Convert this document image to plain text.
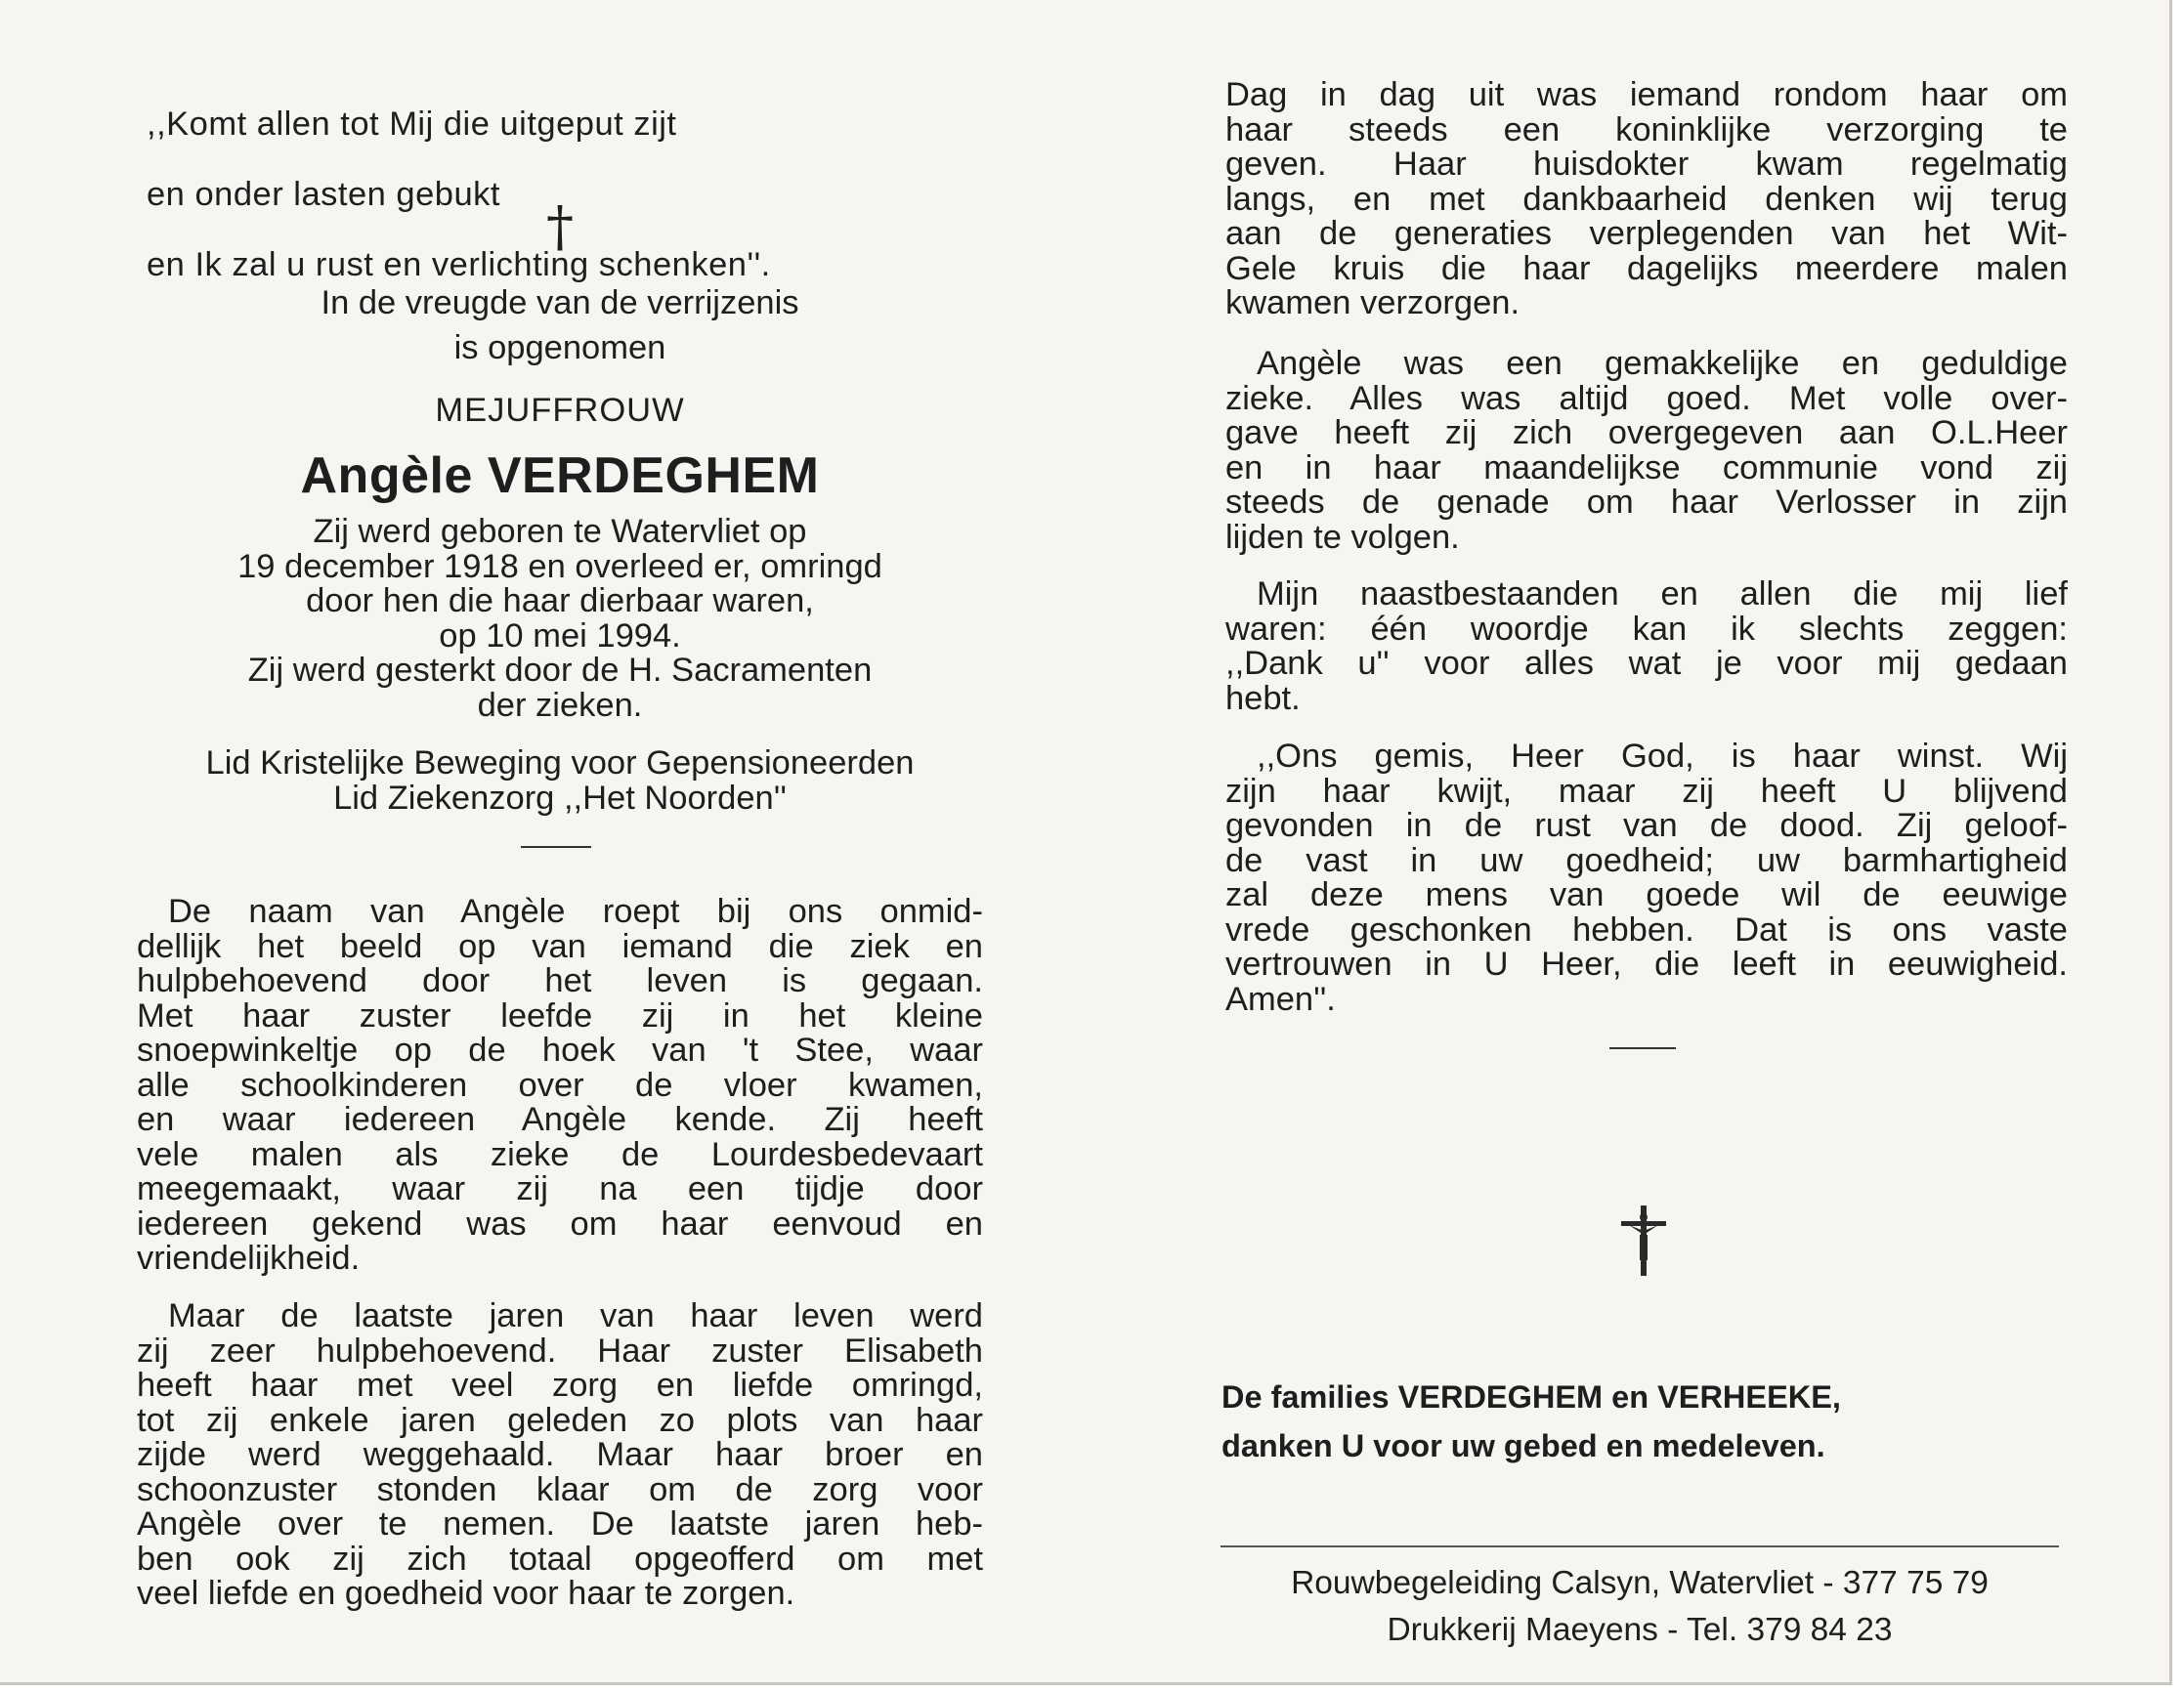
,,Komt allen tot Mij die uitgeput zijt

en onder lasten gebukt

en Ik zal u rust en verlichting schenken''.

†
In de vreugde van de verrijzenis
is opgenomen
MEJUFFROUW
Angèle VERDEGHEM
Zij werd geboren te Watervliet op
19 december 1918 en overleed er, omringd
door hen die haar dierbaar waren,
op 10 mei 1994.
Zij werd gesterkt door de H. Sacramenten
der zieken.
Lid Kristelijke Beweging voor Gepensioneerden
Lid Ziekenzorg ,,Het Noorden''

De naam van Angèle roept bij ons onmid-

dellijk het beeld op van iemand die ziek en

hulpbehoevend door het leven is gegaan.

Met haar zuster leefde zij in het kleine

snoepwinkeltje op de hoek van 't Stee, waar

alle schoolkinderen over de vloer kwamen,

en waar iedereen Angèle kende. Zij heeft

vele malen als zieke de Lourdesbedevaart

meegemaakt, waar zij na een tijdje door

iedereen gekend was om haar eenvoud en

vriendelijkheid.

Maar de laatste jaren van haar leven werd

zij zeer hulpbehoevend. Haar zuster Elisabeth

heeft haar met veel zorg en liefde omringd,

tot zij enkele jaren geleden zo plots van haar

zijde werd weggehaald. Maar haar broer en

schoonzuster stonden klaar om de zorg voor

Angèle over te nemen. De laatste jaren heb-

ben ook zij zich totaal opgeofferd om met

veel liefde en goedheid voor haar te zorgen.

Dag in dag uit was iemand rondom haar om

haar steeds een koninklijke verzorging te

geven. Haar huisdokter kwam regelmatig

langs, en met dankbaarheid denken wij terug

aan de generaties verplegenden van het Wit-

Gele kruis die haar dagelijks meerdere malen

kwamen verzorgen.

Angèle was een gemakkelijke en geduldige

zieke. Alles was altijd goed. Met volle over-

gave heeft zij zich overgegeven aan O.L.Heer

en in haar maandelijkse communie vond zij

steeds de genade om haar Verlosser in zijn

lijden te volgen.

Mijn naastbestaanden en allen die mij lief

waren: één woordje kan ik slechts zeggen:

,,Dank u'' voor alles wat je voor mij gedaan

hebt.

,,Ons gemis, Heer God, is haar winst. Wij

zijn haar kwijt, maar zij heeft U blijvend

gevonden in de rust van de dood. Zij geloof-

de vast in uw goedheid; uw barmhartigheid

zal deze mens van goede wil de eeuwige

vrede geschonken hebben. Dat is ons vaste

vertrouwen in U Heer, die leeft in eeuwigheid.

Amen''.

De families VERDEGHEM en VERHEEKE,
danken U voor uw gebed en medeleven.
Rouwbegeleiding Calsyn, Watervliet - 377 75 79
Drukkerij Maeyens - Tel. 379 84 23
